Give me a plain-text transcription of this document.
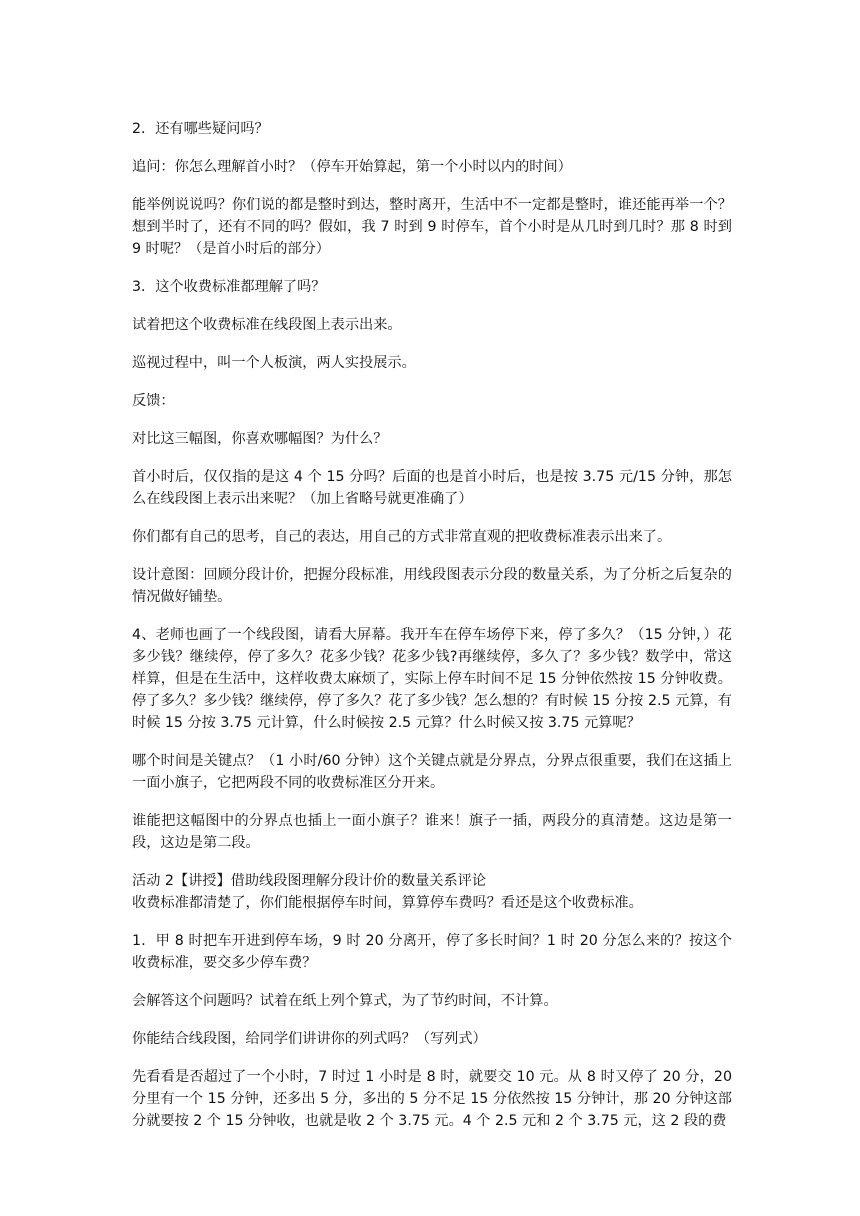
2．还有哪些疑问吗？

追问：你怎么理解首小时？（停车开始算起，第一个小时以内的时间）

能举例说说吗？你们说的都是整时到达，整时离开，生活中不一定都是整时，谁还能再举一个？想到半时了，还有不同的吗？假如，我 7 时到 9 时停车，首个小时是从几时到几时？那 8 时到 9 时呢？（是首小时后的部分）

3．这个收费标准都理解了吗？

试着把这个收费标准在线段图上表示出来。

巡视过程中，叫一个人板演，两人实投展示。

反馈：

对比这三幅图，你喜欢哪幅图？为什么？

首小时后，仅仅指的是这 4 个 15 分吗？后面的也是首小时后，也是按 3.75 元/15 分钟，那怎么在线段图上表示出来呢？（加上省略号就更准确了）

你们都有自己的思考，自己的表达，用自己的方式非常直观的把收费标准表示出来了。

设计意图：回顾分段计价，把握分段标准，用线段图表示分段的数量关系，为了分析之后复杂的情况做好铺垫。

4、老师也画了一个线段图，请看大屏幕。我开车在停车场停下来，停了多久？（15 分钟，）花多少钱？继续停，停了多久？花多少钱？花多少钱?再继续停，多久了？多少钱？数学中，常这样算，但是在生活中，这样收费太麻烦了，实际上停车时间不足 15 分钟依然按 15 分钟收费。停了多久？多少钱？继续停，停了多久？花了多少钱？怎么想的？有时候 15 分按 2.5 元算，有时候 15 分按 3.75 元计算，什么时候按 2.5 元算？什么时候又按 3.75 元算呢？

哪个时间是关键点？（1 小时/60 分钟）这个关键点就是分界点，分界点很重要，我们在这插上一面小旗子，它把两段不同的收费标准区分开来。

谁能把这幅图中的分界点也插上一面小旗子？谁来！旗子一插，两段分的真清楚。这边是第一段，这边是第二段。

活动 2【讲授】借助线段图理解分段计价的数量关系评论

收费标准都清楚了，你们能根据停车时间，算算停车费吗？看还是这个收费标准。

1．甲 8 时把车开进到停车场，9 时 20 分离开，停了多长时间？1 时 20 分怎么来的？按这个收费标准，要交多少停车费？

会解答这个问题吗？试着在纸上列个算式，为了节约时间，不计算。

你能结合线段图，给同学们讲讲你的列式吗？（写列式）

先看看是否超过了一个小时，7 时过 1 小时是 8 时，就要交 10 元。从 8 时又停了 20 分，20 分里有一个 15 分钟，还多出 5 分，多出的 5 分不足 15 分依然按 15 分钟计，那 20 分钟这部分就要按 2 个 15 分钟收，也就是收 2 个 3.75 元。4 个 2.5 元和 2 个 3.75 元，这 2 段的费
